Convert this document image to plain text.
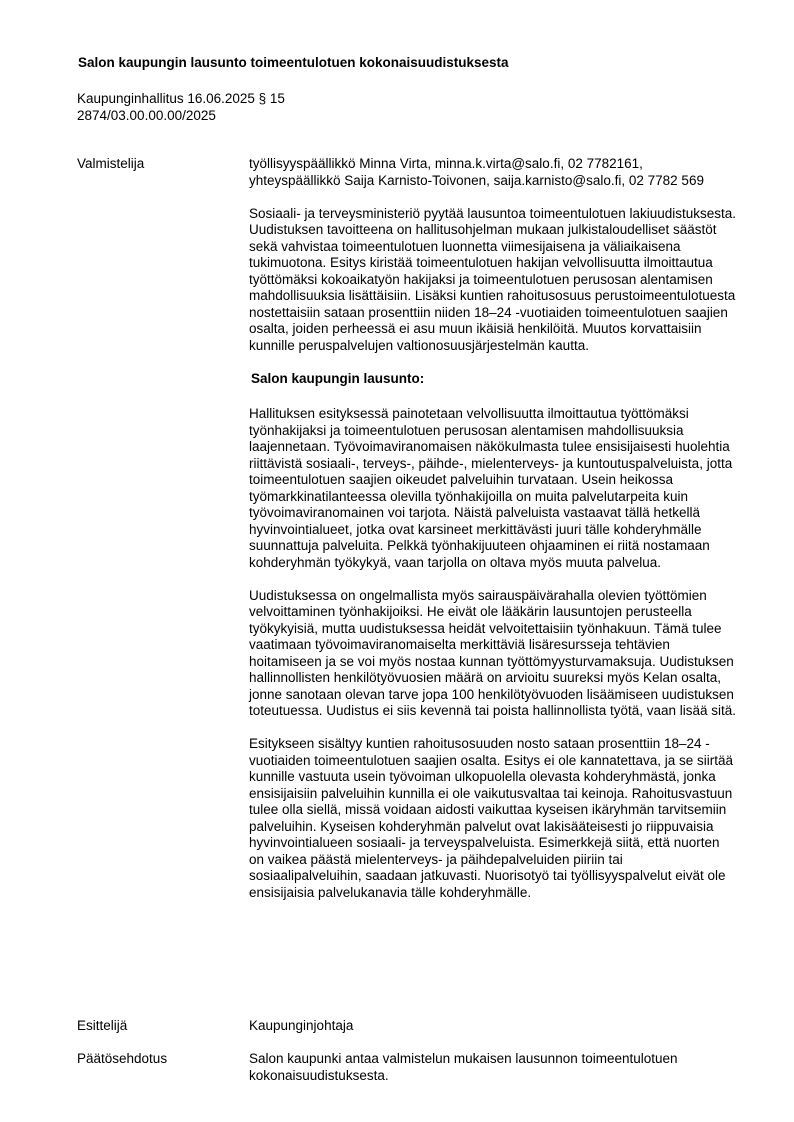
Salon kaupungin lausunto toimeentulotuen kokonaisuudistuksesta
Kaupunginhallitus 16.06.2025 § 15
2874/03.00.00.00/2025
Valmistelija	työllisyyspäällikkö Minna Virta, minna.k.virta@salo.fi, 02 7782161, yhteyspäällikkö Saija Karnisto-Toivonen, saija.karnisto@salo.fi, 02 7782 569

Sosiaali- ja terveysministeriö pyytää lausuntoa toimeentulotuen lakiuudistuksesta. Uudistuksen tavoitteena on hallitusohjelman mukaan julkistaloudelliset säästöt sekä vahvistaa toimeentulotuen luonnetta viimesijaisena ja väliaikaisena tukimuotona. Esitys kiristää toimeentulotuen hakijan velvollisuutta ilmoittautua työttömäksi kokoaikatyön hakijaksi ja toimeentulotuen perusosan alentamisen mahdollisuuksia lisättäisiin. Lisäksi kuntien rahoitusosuus perustoimeentulotuesta nostettaisiin sataan prosenttiin niiden 18–24 -vuotiaiden toimeentulotuen saajien osalta, joiden perheessä ei asu muun ikäisiä henkilöitä. Muutos korvattaisiin kunnille peruspalvelujen valtionosuusjärjestelmän kautta.

Salon kaupungin lausunto:

Hallituksen esityksessä painotetaan velvollisuutta ilmoittautua työttömäksi työnhakijaksi ja toimeentulotuen perusosan alentamisen mahdollisuuksia laajennetaan. Työvoimaviranomaisen näkökulmasta tulee ensisijaisesti huolehtia riittävistä sosiaali-, terveys-, päihde-, mielenterveys- ja kuntoutuspalveluista, jotta toimeentulotuen saajien oikeudet palveluihin turvataan. Usein heikossa työmarkkinatilanteessa olevilla työnhakijoilla on muita palvelutarpeita kuin työvoimaviranomainen voi tarjota. Näistä palveluista vastaavat tällä hetkellä hyvinvointialueet, jotka ovat karsineet merkittävästi juuri tälle kohderyhmälle suunnattuja palveluita. Pelkkä työnhakijuuteen ohjaaminen ei riitä nostamaan kohderyhmän työkykyä, vaan tarjolla on oltava myös muuta palvelua.

Uudistuksessa on ongelmallista myös sairauspäivärahalla olevien työttömien velvoittaminen työnhakijoiksi. He eivät ole lääkärin lausuntojen perusteella työkykyisiä, mutta uudistuksessa heidät velvoitettaisiin työnhakuun. Tämä tulee vaatimaan työvoimaviranomaiselta merkittäviä lisäresursseja tehtävien hoitamiseen ja se voi myös nostaa kunnan työttömyysturvamaksuja. Uudistuksen hallinnollisten henkilötyövuosien määrä on arvioitu suureksi myös Kelan osalta, jonne sanotaan olevan tarve jopa 100 henkilötyövuoden lisäämiseen uudistuksen toteutuessa. Uudistus ei siis kevennä tai poista hallinnollista työtä, vaan lisää sitä.

Esitykseen sisältyy kuntien rahoitusosuuden nosto sataan prosenttiin 18–24 -vuotiaiden toimeentulotuen saajien osalta. Esitys ei ole kannatettava, ja se siirtää kunnille vastuuta usein työvoiman ulkopuolella olevasta kohderyhmästä, jonka ensisijaisiin palveluihin kunnilla ei ole vaikutusvaltaa tai keinoja. Rahoitusvastuun tulee olla siellä, missä voidaan aidosti vaikuttaa kyseisen ikäryhmän tarvitsemiin palveluihin. Kyseisen kohderyhmän palvelut ovat lakisääteisesti jo riippuvaisia hyvinvointialueen sosiaali- ja terveyspalveluista. Esimerkkejä siitä, että nuorten on vaikea päästä mielenterveys- ja päihdepalveluiden piiriin tai sosiaalipalveluihin, saadaan jatkuvasti. Nuorisotyö tai työllisyyspalvelut eivät ole ensisijaisia palvelukanavia tälle kohderyhmälle.

Esittelijä	Kaupunginjohtaja
Päätösehdotus	Salon kaupunki antaa valmistelun mukaisen lausunnon toimeentulotuen kokonaisuudistuksesta.
